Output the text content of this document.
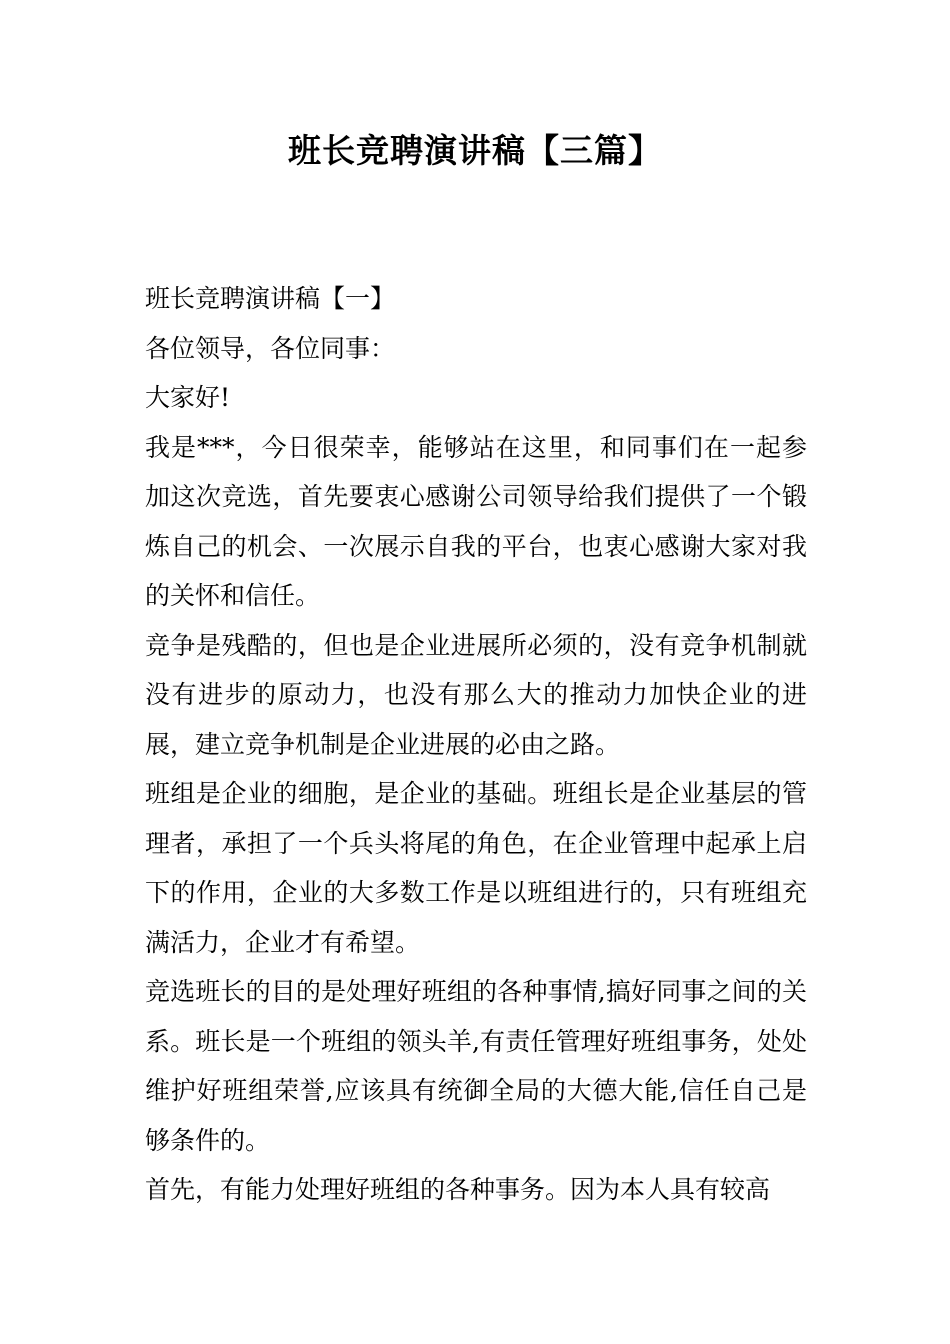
班长竞聘演讲稿【三篇】

班长竞聘演讲稿【一】

各位领导，各位同事：

大家好!

我是***，今日很荣幸，能够站在这里，和同事们在一起参加这次竞选，首先要衷心感谢公司领导给我们提供了一个锻炼自己的机会、一次展示自我的平台，也衷心感谢大家对我的关怀和信任。

竞争是残酷的，但也是企业进展所必须的，没有竞争机制就没有进步的原动力，也没有那么大的推动力加快企业的进展，建立竞争机制是企业进展的必由之路。

班组是企业的细胞，是企业的基础。班组长是企业基层的管理者，承担了一个兵头将尾的角色，在企业管理中起承上启下的作用，企业的大多数工作是以班组进行的，只有班组充满活力，企业才有希望。

竞选班长的目的是处理好班组的各种事情,搞好同事之间的关系。班长是一个班组的领头羊,有责任管理好班组事务，处处维护好班组荣誉,应该具有统御全局的大德大能,信任自己是够条件的。

首先，有能力处理好班组的各种事务。因为本人具有较高
